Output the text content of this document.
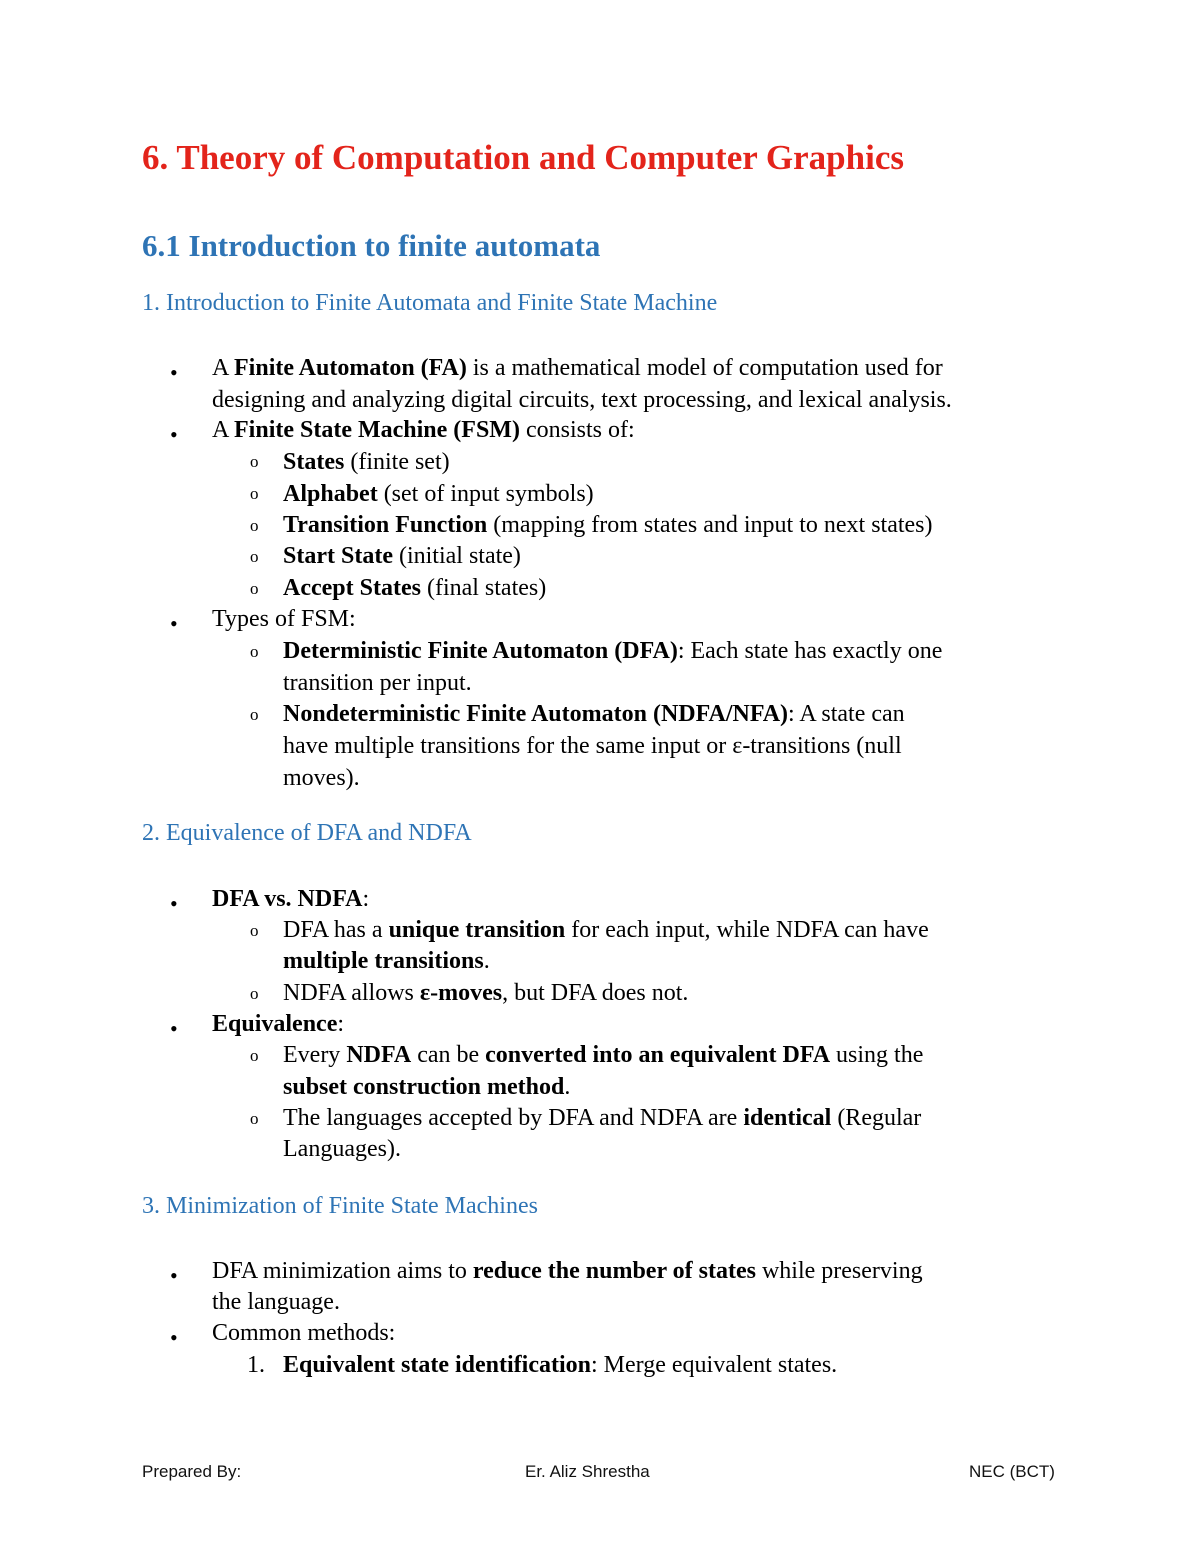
6. Theory of Computation and Computer Graphics
6.1 Introduction to finite automata
1. Introduction to Finite Automata and Finite State Machine
• A Finite Automaton (FA) is a mathematical model of computation used for
designing and analyzing digital circuits, text processing, and lexical analysis.
• A Finite State Machine (FSM) consists of:
o States (finite set)
o Alphabet (set of input symbols)
o Transition Function (mapping from states and input to next states)
o Start State (initial state)
o Accept States (final states)
• Types of FSM:
o Deterministic Finite Automaton (DFA): Each state has exactly one
transition per input.
o Nondeterministic Finite Automaton (NDFA/NFA): A state can
have multiple transitions for the same input or ε-transitions (null
moves).
2. Equivalence of DFA and NDFA
• DFA vs. NDFA:
o DFA has a unique transition for each input, while NDFA can have
multiple transitions.
o NDFA allows ε-moves, but DFA does not.
• Equivalence:
o Every NDFA can be converted into an equivalent DFA using the
subset construction method.
o The languages accepted by DFA and NDFA are identical (Regular
Languages).
3. Minimization of Finite State Machines
• DFA minimization aims to reduce the number of states while preserving
the language.
• Common methods:
1. Equivalent state identification: Merge equivalent states.
Prepared By:	Er. Aliz Shrestha	NEC (BCT)
